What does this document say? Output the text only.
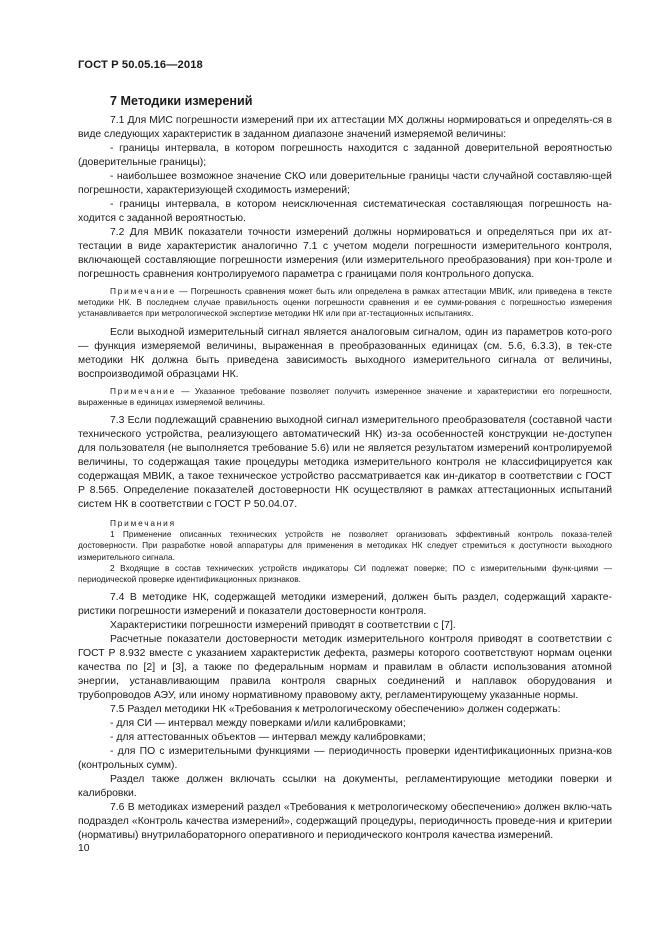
ГОСТ Р 50.05.16—2018
7 Методики измерений

7.1 Для МИС погрешности измерений при их аттестации МХ должны нормироваться и определять-ся в виде следующих характеристик в заданном диапазоне значений измеряемой величины:

- границы интервала, в котором погрешность находится с заданной доверительной вероятностью (доверительные границы);

- наибольшее возможное значение СКО или доверительные границы части случайной составляю-щей погрешности, характеризующей сходимость измерений;

- границы интервала, в котором неисключенная систематическая составляющая погрешность на-ходится с заданной вероятностью.

7.2 Для МВИК показатели точности измерений должны нормироваться и определяться при их ат-тестации в виде характеристик аналогично 7.1 с учетом модели погрешности измерительного контроля, включающей составляющие погрешности измерения (или измерительного преобразования) при кон-троле и погрешность сравнения контролируемого параметра с границами поля контрольного допуска.

Примечание — Погрешность сравнения может быть или определена в рамках аттестации МВИК, или приведена в тексте методики НК. В последнем случае правильность оценки погрешности сравнения и ее сумми-рования с погрешностью измерения устанавливается при метрологической экспертизе методики НК или при ат-тестационных испытаниях.

Если выходной измерительный сигнал является аналоговым сигналом, один из параметров кото-рого — функция измеряемой величины, выраженная в преобразованных единицах (см. 5.6, 6.3.3), в тек-сте методики НК должна быть приведена зависимость выходного измерительного сигнала от величины, воспроизводимой образцами НК.

Примечание — Указанное требование позволяет получить измеренное значение и характеристики его погрешности, выраженные в единицах измеряемой величины.

7.3 Если подлежащий сравнению выходной сигнал измерительного преобразователя (составной части технического устройства, реализующего автоматический НК) из-за особенностей конструкции не-доступен для пользователя (не выполняется требование 5.6) или не является результатом измерений контролируемой величины, то содержащая такие процедуры методика измерительного контроля не классифицируется как содержащая МВИК, а такое техническое устройство рассматривается как ин-дикатор в соответствии с ГОСТ Р 8.565. Определение показателей достоверности НК осуществляют в рамках аттестационных испытаний систем НК в соответствии с ГОСТ Р 50.04.07.

Примечания

1 Применение описанных технических устройств не позволяет организовать эффективный контроль показа-телей достоверности. При разработке новой аппаратуры для применения в методиках НК следует стремиться к доступности выходного измерительного сигнала.

2 Входящие в состав технических устройств индикаторы СИ подлежат поверке; ПО с измерительными функ-циями — периодической проверке идентификационных признаков.

7.4 В методике НК, содержащей методики измерений, должен быть раздел, содержащий характе-ристики погрешности измерений и показатели достоверности контроля.

Характеристики погрешности измерений приводят в соответствии с [7].

Расчетные показатели достоверности методик измерительного контроля приводят в соответствии с ГОСТ Р 8.932 вместе с указанием характеристик дефекта, размеры которого соответствуют нормам оценки качества по [2] и [3], а также по федеральным нормам и правилам в области использования атомной энергии, устанавливающим правила контроля сварных соединений и наплавок оборудования и трубопроводов АЭУ, или иному нормативному правовому акту, регламентирующему указанные нормы.

7.5 Раздел методики НК «Требования к метрологическому обеспечению» должен содержать:

- для СИ — интервал между поверками и/или калибровками;

- для аттестованных объектов — интервал между калибровками;

- для ПО с измерительными функциями — периодичность проверки идентификационных призна-ков (контрольных сумм).

Раздел также должен включать ссылки на документы, регламентирующие методики поверки и калибровки.

7.6 В методиках измерений раздел «Требования к метрологическому обеспечению» должен вклю-чать подраздел «Контроль качества измерений», содержащий процедуры, периодичность проведе-ния и критерии (нормативы) внутрилабораторного оперативного и периодического контроля качества измерений.

10
